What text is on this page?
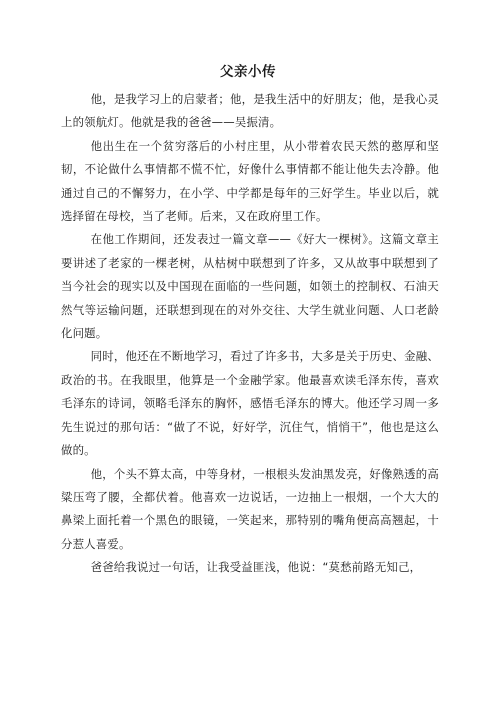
父亲小传

他，是我学习上的启蒙者；他，是我生活中的好朋友；他，是我心灵上的领航灯。他就是我的爸爸——吴振清。

他出生在一个贫穷落后的小村庄里，从小带着农民天然的憨厚和坚韧，不论做什么事情都不慌不忙，好像什么事情都不能让他失去冷静。他通过自己的不懈努力，在小学、中学都是每年的三好学生。毕业以后，就选择留在母校，当了老师。后来，又在政府里工作。

在他工作期间，还发表过一篇文章——《好大一棵树》。这篇文章主要讲述了老家的一棵老树，从枯树中联想到了许多，又从故事中联想到了当今社会的现实以及中国现在面临的一些问题，如领土的控制权、石油天然气等运输问题，还联想到现在的对外交往、大学生就业问题、人口老龄化问题。

同时，他还在不断地学习，看过了许多书，大多是关于历史、金融、政治的书。在我眼里，他算是一个金融学家。他最喜欢读毛泽东传，喜欢毛泽东的诗词，领略毛泽东的胸怀，感悟毛泽东的博大。他还学习周一多先生说过的那句话：“做了不说，好好学，沉住气，悄悄干”，他也是这么做的。

他，个头不算太高，中等身材，一根根头发油黑发亮，好像熟透的高粱压弯了腰，全都伏着。他喜欢一边说话，一边抽上一根烟，一个大大的鼻梁上面托着一个黑色的眼镜，一笑起来，那特别的嘴角便高高翘起，十分惹人喜爱。

爸爸给我说过一句话，让我受益匪浅，他说：“莫愁前路无知己，
